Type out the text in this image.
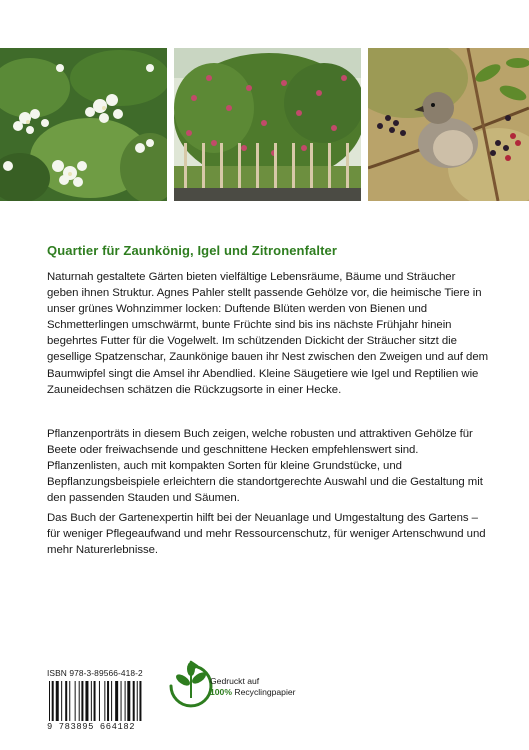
Quartier für Zaunkönig, Igel und Zitronenfalter

Naturnah gestaltete Gärten bieten vielfältige Lebensräume, Bäume und Sträucher geben ihnen Struktur. Agnes Pahler stellt passende Gehölze vor, die heimische Tiere in unser grünes Wohnzimmer locken: Duftende Blüten werden von Bienen und Schmetterlingen umschwärmt, bunte Früchte sind bis ins nächste Frühjahr hinein begehrtes Futter für die Vogelwelt. Im schützenden Dickicht der Sträucher sitzt die gesellige Spatzenschar, Zaunkönige bauen ihr Nest zwischen den Zweigen und auf dem Baumwipfel singt die Amsel ihr Abendlied. Kleine Säugetiere wie Igel und Reptilien wie Zauneidechsen schätzen die Rückzugsorte in einer Hecke.

Pflanzenporträts in diesem Buch zeigen, welche robusten und attraktiven Gehölze für Beete oder freiwachsende und geschnittene Hecken empfehlenswert sind. Pflanzenlisten, auch mit kompakten Sorten für kleine Grundstücke, und Bepflanzungsbeispiele erleichtern die standortgerechte Auswahl und die Gestaltung mit den passenden Stauden und Säumen.

Das Buch der Gartenexpertin hilft bei der Neuanlage und Umgestaltung des Gartens – für weniger Pflegeaufwand und mehr Ressourcenschutz, für weniger Artenschwund und mehr Naturerlebnisse.

ISBN 978-3-89566-418-2
9 783895 664182
Gedruckt auf
100% Recyclingpapier
